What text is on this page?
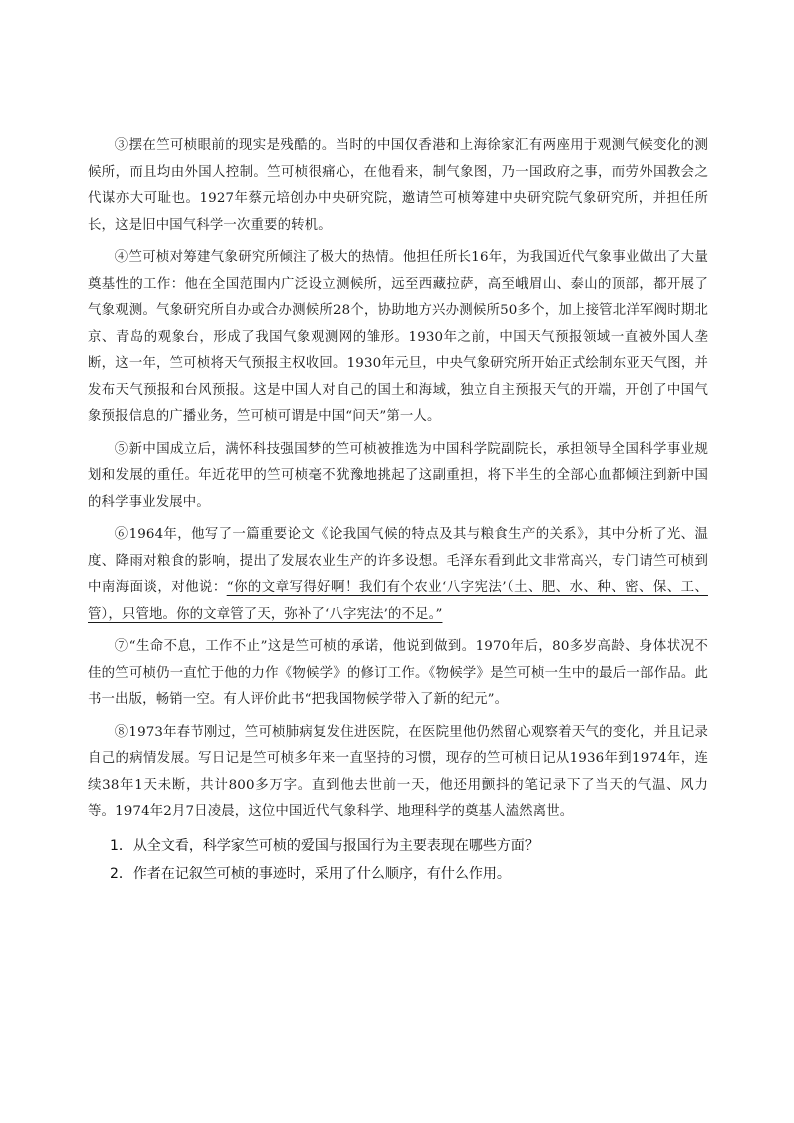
③摆在竺可桢眼前的现实是残酷的。当时的中国仅香港和上海徐家汇有两座用于观测气候变化的测候所，而且均由外国人控制。竺可桢很痛心，在他看来，制气象图，乃一国政府之事，而劳外国教会之代谋亦大可耻也。1927年蔡元培创办中央研究院，邀请竺可桢筹建中央研究院气象研究所，并担任所长，这是旧中国气科学一次重要的转机。

④竺可桢对筹建气象研究所倾注了极大的热情。他担任所长16年，为我国近代气象事业做出了大量奠基性的工作：他在全国范围内广泛设立测候所，远至西藏拉萨，高至峨眉山、泰山的顶部，都开展了气象观测。气象研究所自办或合办测候所28个，协助地方兴办测候所50多个，加上接管北洋军阀时期北京、青岛的观象台，形成了我国气象观测网的雏形。1930年之前，中国天气预报领域一直被外国人垄断，这一年，竺可桢将天气预报主权收回。1930年元旦，中央气象研究所开始正式绘制东亚天气图，并发布天气预报和台风预报。这是中国人对自己的国土和海域，独立自主预报天气的开端，开创了中国气象预报信息的广播业务，竺可桢可谓是中国“问天”第一人。

⑤新中国成立后，满怀科技强国梦的竺可桢被推选为中国科学院副院长，承担领导全国科学事业规划和发展的重任。年近花甲的竺可桢毫不犹豫地挑起了这副重担，将下半生的全部心血都倾注到新中国的科学事业发展中。

⑥1964年，他写了一篇重要论文《论我国气候的特点及其与粮食生产的关系》，其中分析了光、温度、降雨对粮食的影响，提出了发展农业生产的许多设想。毛泽东看到此文非常高兴，专门请竺可桢到中南海面谈，对他说：“你的文章写得好啊！我们有个农业‘八字宪法’（土、肥、水、种、密、保、工、管），只管地。你的文章管了天，弥补了‘八字宪法’的不足。”

⑦“生命不息，工作不止”这是竺可桢的承诺，他说到做到。1970年后，80多岁高龄、身体状况不佳的竺可桢仍一直忙于他的力作《物候学》的修订工作。《物候学》是竺可桢一生中的最后一部作品。此书一出版，畅销一空。有人评价此书“把我国物候学带入了新的纪元”。

⑧1973年春节刚过，竺可桢肺病复发住进医院，在医院里他仍然留心观察着天气的变化，并且记录自己的病情发展。写日记是竺可桢多年来一直坚持的习惯，现存的竺可桢日记从1936年到1974年，连续38年1天未断，共计800多万字。直到他去世前一天，他还用颤抖的笔记录下了当天的气温、风力等。1974年2月7日凌晨，这位中国近代气象科学、地理科学的奠基人溘然离世。

1．从全文看，科学家竺可桢的爱国与报国行为主要表现在哪些方面？

2．作者在记叙竺可桢的事迹时，采用了什么顺序，有什么作用。
